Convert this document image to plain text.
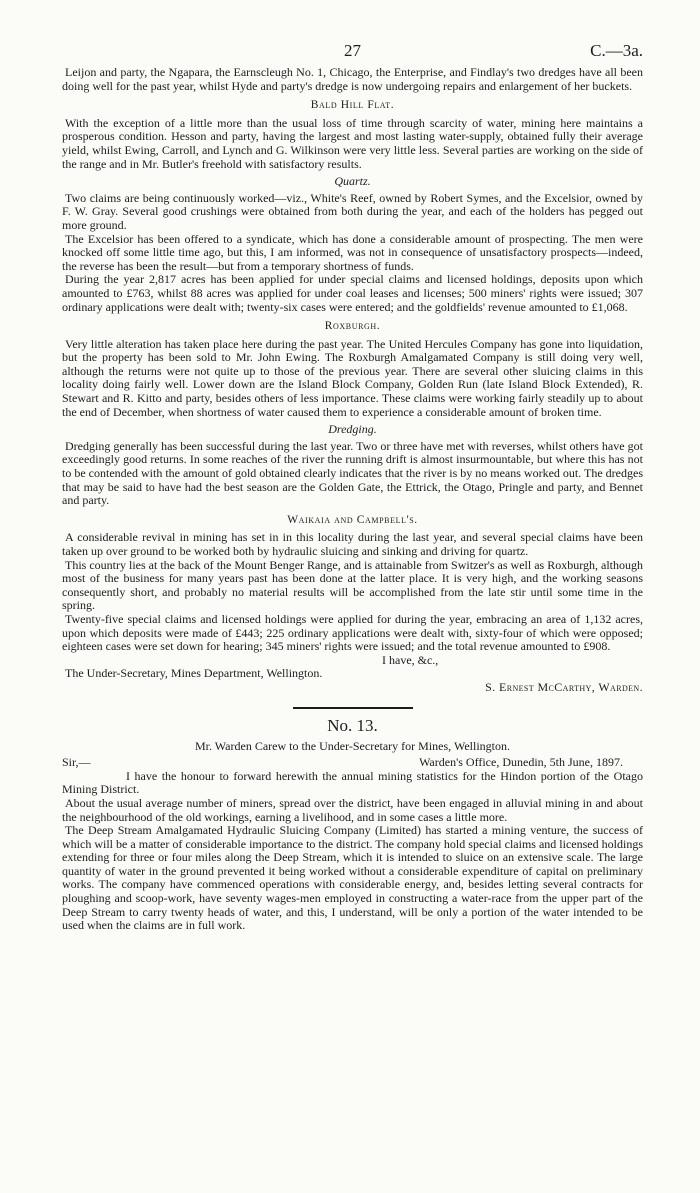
27	C.—3a.

Leijon and party, the Ngapara, the Earnscleugh No. 1, Chicago, the Enterprise, and Findlay's two dredges have all been doing well for the past year, whilst Hyde and party's dredge is now undergoing repairs and enlargement of her buckets.

Bald Hill Flat.

With the exception of a little more than the usual loss of time through scarcity of water, mining here maintains a prosperous condition. Hesson and party, having the largest and most lasting water-supply, obtained fully their average yield, whilst Ewing, Carroll, and Lynch and G. Wilkinson were very little less. Several parties are working on the side of the range and in Mr. Butler's freehold with satisfactory results.

Quartz.

Two claims are being continuously worked—viz., White's Reef, owned by Robert Symes, and the Excelsior, owned by F. W. Gray. Several good crushings were obtained from both during the year, and each of the holders has pegged out more ground.

The Excelsior has been offered to a syndicate, which has done a considerable amount of prospecting. The men were knocked off some little time ago, but this, I am informed, was not in consequence of unsatisfactory prospects—indeed, the reverse has been the result—but from a temporary shortness of funds.

During the year 2,817 acres has been applied for under special claims and licensed holdings, deposits upon which amounted to £763, whilst 88 acres was applied for under coal leases and licenses; 500 miners' rights were issued; 307 ordinary applications were dealt with; twenty-six cases were entered; and the goldfields' revenue amounted to £1,068.

Roxburgh.

Very little alteration has taken place here during the past year. The United Hercules Company has gone into liquidation, but the property has been sold to Mr. John Ewing. The Roxburgh Amalgamated Company is still doing very well, although the returns were not quite up to those of the previous year. There are several other sluicing claims in this locality doing fairly well. Lower down are the Island Block Company, Golden Run (late Island Block Extended), R. Stewart and R. Kitto and party, besides others of less importance. These claims were working fairly steadily up to about the end of December, when shortness of water caused them to experience a considerable amount of broken time.

Dredging.

Dredging generally has been successful during the last year. Two or three have met with reverses, whilst others have got exceedingly good returns. In some reaches of the river the running drift is almost insurmountable, but where this has not to be contended with the amount of gold obtained clearly indicates that the river is by no means worked out. The dredges that may be said to have had the best season are the Golden Gate, the Ettrick, the Otago, Pringle and party, and Bennet and party.

Waikaia and Campbell's.

A considerable revival in mining has set in in this locality during the last year, and several special claims have been taken up over ground to be worked both by hydraulic sluicing and sinking and driving for quartz.

This country lies at the back of the Mount Benger Range, and is attainable from Switzer's as well as Roxburgh, although most of the business for many years past has been done at the latter place. It is very high, and the working seasons consequently short, and probably no material results will be accomplished from the late stir until some time in the spring.

Twenty-five special claims and licensed holdings were applied for during the year, embracing an area of 1,132 acres, upon which deposits were made of £443; 225 ordinary applications were dealt with, sixty-four of which were opposed; eighteen cases were set down for hearing; 345 miners' rights were issued; and the total revenue amounted to £908.

I have, &c.,
The Under-Secretary, Mines Department, Wellington.
S. Ernest McCarthy, Warden.
No. 13.
Mr. Warden Carew to the Under-Secretary for Mines, Wellington.
Sir,—	Warden's Office, Dunedin, 5th June, 1897.

I have the honour to forward herewith the annual mining statistics for the Hindon portion of the Otago Mining District.

About the usual average number of miners, spread over the district, have been engaged in alluvial mining in and about the neighbourhood of the old workings, earning a livelihood, and in some cases a little more.

The Deep Stream Amalgamated Hydraulic Sluicing Company (Limited) has started a mining venture, the success of which will be a matter of considerable importance to the district. The company hold special claims and licensed holdings extending for three or four miles along the Deep Stream, which it is intended to sluice on an extensive scale. The large quantity of water in the ground prevented it being worked without a considerable expenditure of capital on preliminary works. The company have commenced operations with considerable energy, and, besides letting several contracts for ploughing and scoop-work, have seventy wages-men employed in constructing a water-race from the upper part of the Deep Stream to carry twenty heads of water, and this, I understand, will be only a portion of the water intended to be used when the claims are in full work.
